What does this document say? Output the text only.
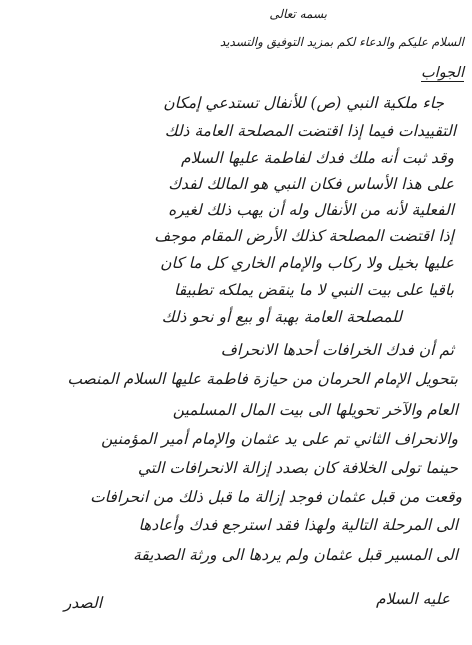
بسمه تعالى
السلام عليكم والدعاء لكم بمزيد التوفيق والتسديد
الجواب
جاء ملكية النبي (ص) للأنفال تستدعي إمكان
التقييدات فيما إذا اقتضت المصلحة العامة ذلك
وقد ثبت أنه ملك فدك لفاطمة عليها السلام
على هذا الأساس فكان النبي هو المالك لفدك
الفعلية لأنه من الأنفال وله أن يهب ذلك لغيره
إذا اقتضت المصلحة كذلك الأرض المقام موجف
عليها بخيل ولا ركاب والإمام الخاري كل ما كان
باقيا على بيت النبي لا ما ينقض يملكه تطبيقا
للمصلحة العامة بهبة أو بيع أو نحو ذلك
ثم أن فدك الخرافات أحدها الانحراف
بتحويل الإمام الحرمان من حيازة فاطمة عليها السلام المنصب
العام والآخر تحويلها الى بيت المال المسلمين
والانحراف الثاني تم على يد عثمان والإمام أمير المؤمنين
حينما تولى الخلافة كان بصدد إزالة الانحرافات التي
وقعت من قبل عثمان فوجد إزالة ما قبل ذلك من انحرافات
الى المرحلة التالية ولهذا فقد استرجع فدك وأعادها
الى المسير قبل عثمان ولم يردها الى ورثة الصديقة
عليه السلام
الصدر
